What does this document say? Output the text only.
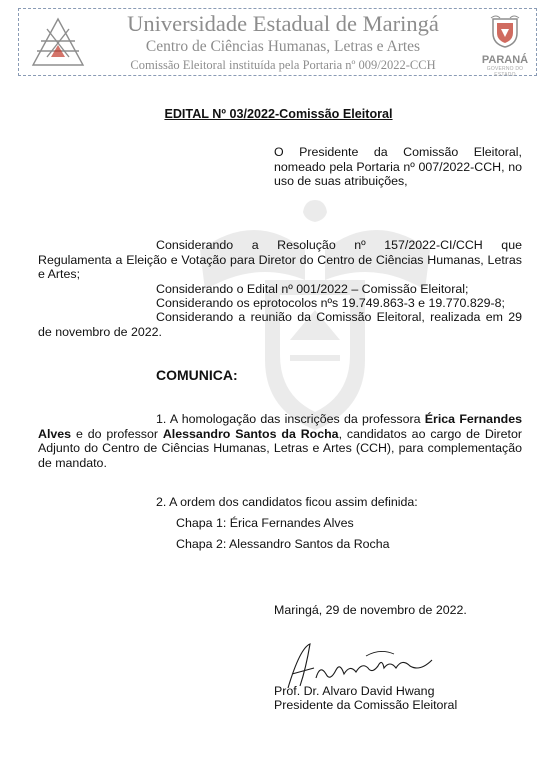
Universidade Estadual de Maringá
Centro de Ciências Humanas, Letras e Artes
Comissão Eleitoral instituída pela Portaria nº 009/2022-CCH	PARANÁ
GOVERNO DO ESTADO
EDITAL Nº 03/2022-Comissão Eleitoral
O Presidente da Comissão Eleitoral, nomeado pela Portaria nº 007/2022-CCH, no uso de suas atribuições,
Considerando a Resolução nº 157/2022-CI/CCH que Regulamenta a Eleição e Votação para Diretor do Centro de Ciências Humanas, Letras e Artes;
Considerando o Edital nº 001/2022 – Comissão Eleitoral;
Considerando os eprotocolos nºs 19.749.863-3 e 19.770.829-8;
Considerando a reunião da Comissão Eleitoral, realizada em 29 de novembro de 2022.
COMUNICA:
1. A homologação das inscrições da professora Érica Fernandes Alves e do professor Alessandro Santos da Rocha, candidatos ao cargo de Diretor Adjunto do Centro de Ciências Humanas, Letras e Artes (CCH), para complementação de mandato.
2. A ordem dos candidatos ficou assim definida:
Chapa 1: Érica Fernandes Alves
Chapa 2: Alessandro Santos da Rocha
Maringá, 29 de novembro de 2022.
Prof. Dr. Alvaro David Hwang
Presidente da Comissão Eleitoral
